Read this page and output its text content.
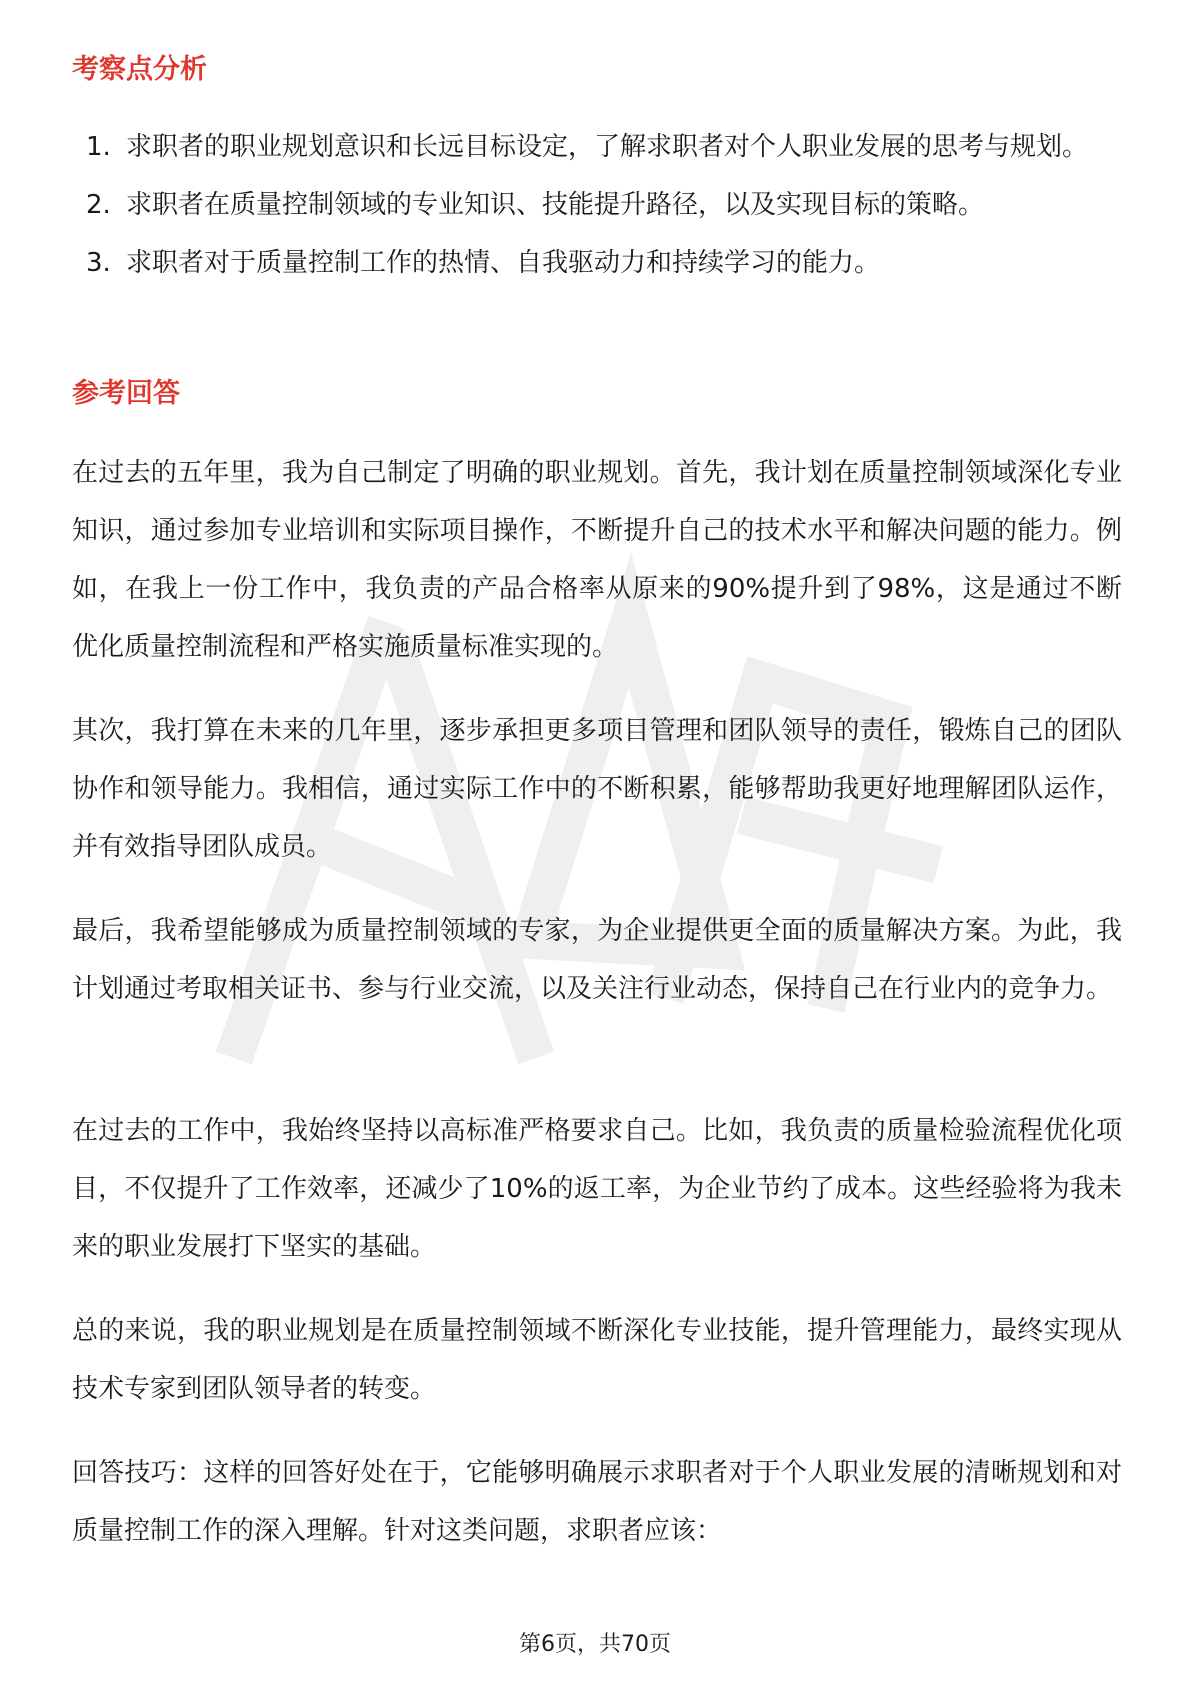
考察点分析
1. 求职者的职业规划意识和长远目标设定，了解求职者对个人职业发展的思考与规划。
2. 求职者在质量控制领域的专业知识、技能提升路径，以及实现目标的策略。
3. 求职者对于质量控制工作的热情、自我驱动力和持续学习的能力。
参考回答

在过去的五年里，我为自己制定了明确的职业规划。首先，我计划在质量控制领域深化专业知识，通过参加专业培训和实际项目操作，不断提升自己的技术水平和解决问题的能力。例如，在我上一份工作中，我负责的产品合格率从原来的90%提升到了98%，这是通过不断优化质量控制流程和严格实施质量标准实现的。

其次，我打算在未来的几年里，逐步承担更多项目管理和团队领导的责任，锻炼自己的团队协作和领导能力。我相信，通过实际工作中的不断积累，能够帮助我更好地理解团队运作，并有效指导团队成员。

最后，我希望能够成为质量控制领域的专家，为企业提供更全面的质量解决方案。为此，我计划通过考取相关证书、参与行业交流，以及关注行业动态，保持自己在行业内的竞争力。

在过去的工作中，我始终坚持以高标准严格要求自己。比如，我负责的质量检验流程优化项目，不仅提升了工作效率，还减少了10%的返工率，为企业节约了成本。这些经验将为我未来的职业发展打下坚实的基础。

总的来说，我的职业规划是在质量控制领域不断深化专业技能，提升管理能力，最终实现从技术专家到团队领导者的转变。

回答技巧：这样的回答好处在于，它能够明确展示求职者对于个人职业发展的清晰规划和对质量控制工作的深入理解。针对这类问题，求职者应该：

第6页，共70页
